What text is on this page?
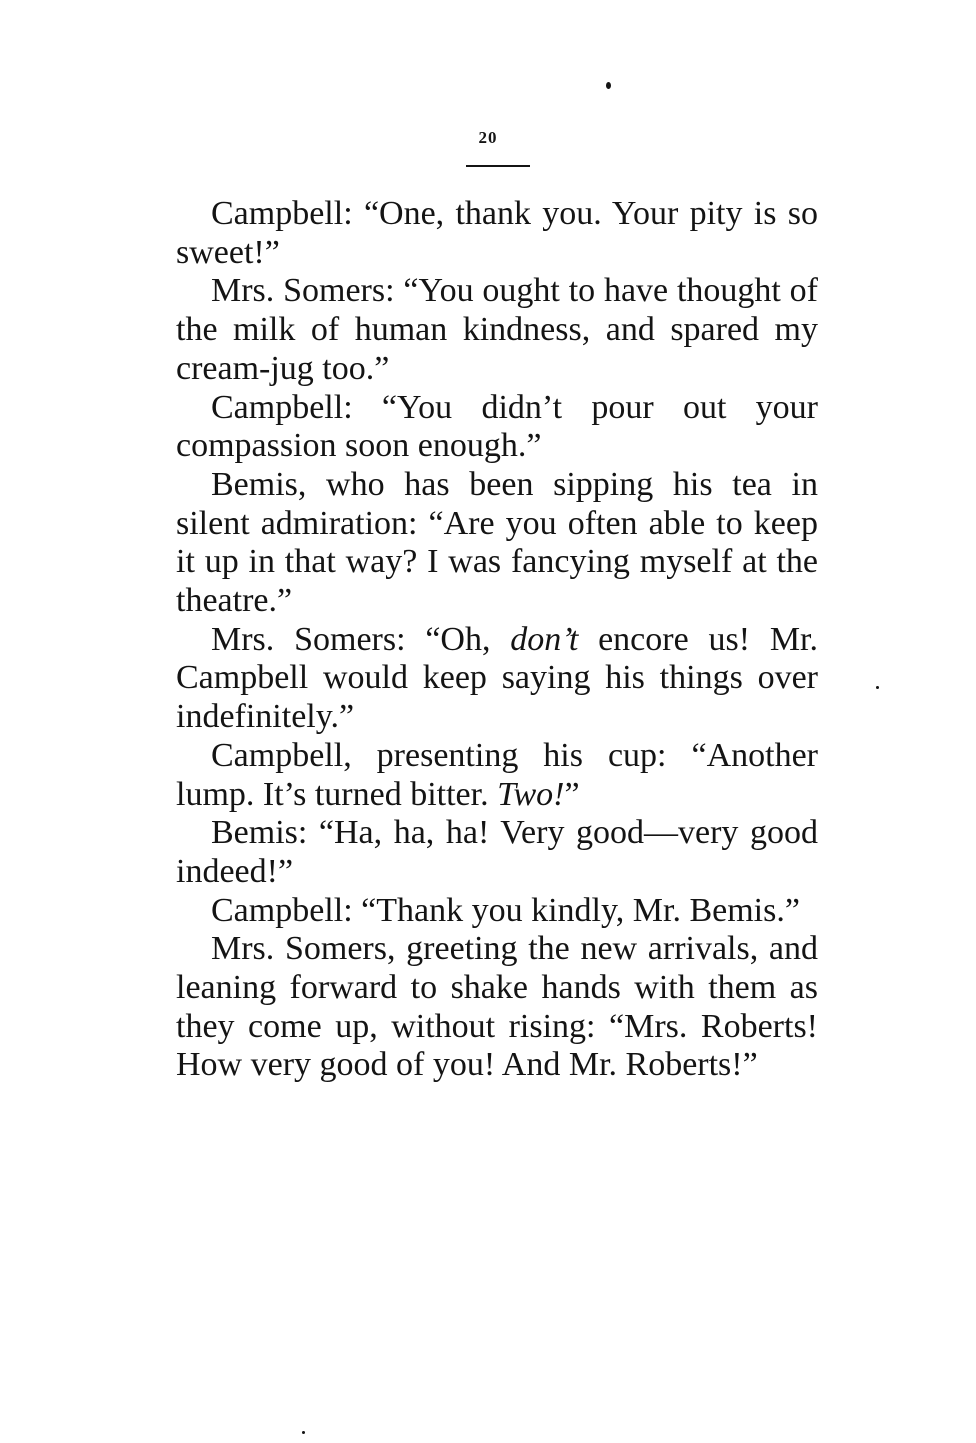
20

Campbell: “One, thank you. Your pity is so sweet!”

Mrs. Somers: “You ought to have thought of the milk of human kindness, and spared my cream-jug too.”

Campbell: “You didn’t pour out your compassion soon enough.”

Bemis, who has been sipping his tea in silent admiration: “Are you often able to keep it up in that way? I was fancying myself at the theatre.”

Mrs. Somers: “Oh, don’t encore us! Mr. Campbell would keep saying his things over indefinitely.”

Campbell, presenting his cup: “Another lump. It’s turned bitter. Two!”

Bemis: “Ha, ha, ha! Very good—very good indeed!”

Campbell: “Thank you kindly, Mr. Bemis.”

Mrs. Somers, greeting the new arrivals, and leaning forward to shake hands with them as they come up, without rising: “Mrs. Roberts! How very good of you! And Mr. Roberts!”
